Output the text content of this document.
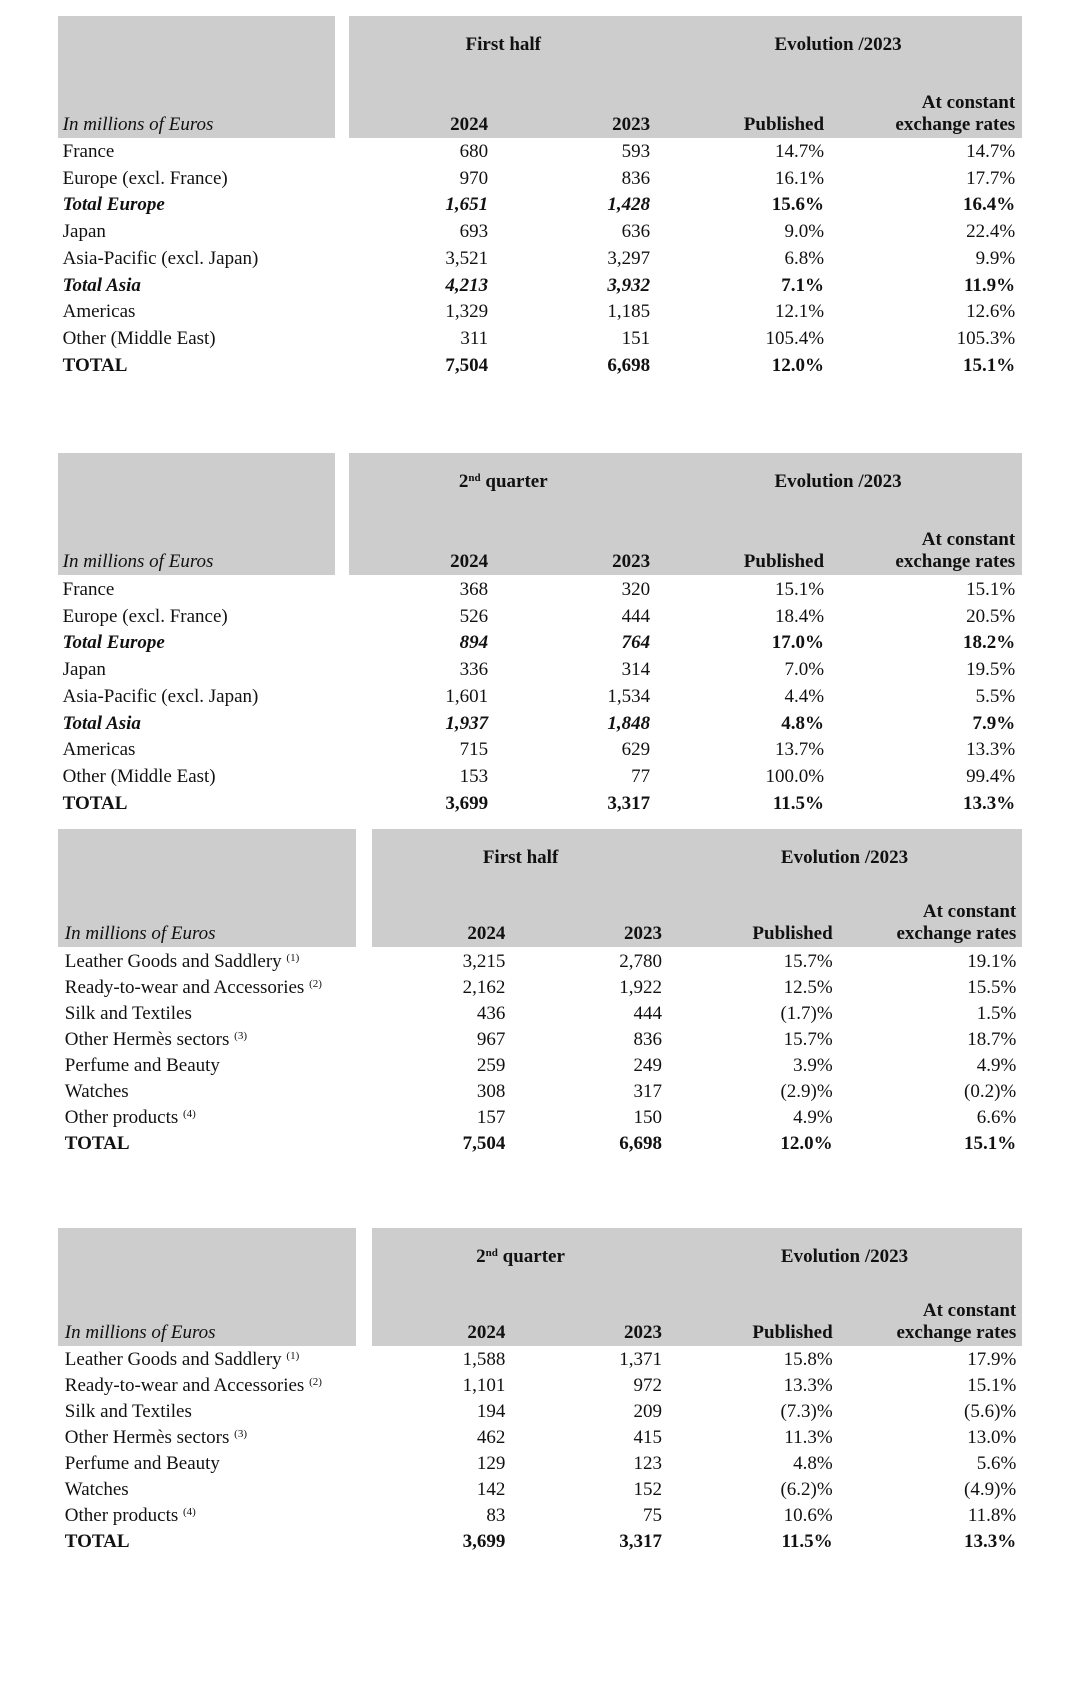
First half	Evolution /2023
In millions of Euros	2024	2023	Published
At constant
exchange rates
France	680	593	14.7%	14.7%
Europe (excl. France)	970	836	16.1%	17.7%
Total Europe	1,651	1,428	15.6%	16.4%
Japan	693	636	9.0%	22.4%
Asia-Pacific (excl. Japan)	3,521	3,297	6.8%	9.9%
Total Asia	4,213	3,932	7.1%	11.9%
Americas	1,329	1,185	12.1%	12.6%
Other (Middle East)	311	151	105.4%	105.3%
TOTAL	7,504	6,698	12.0%	15.1%
2nd quarter	Evolution /2023
In millions of Euros	2024	2023	Published
At constant
exchange rates
France	368	320	15.1%	15.1%
Europe (excl. France)	526	444	18.4%	20.5%
Total Europe	894	764	17.0%	18.2%
Japan	336	314	7.0%	19.5%
Asia-Pacific (excl. Japan)	1,601	1,534	4.4%	5.5%
Total Asia	1,937	1,848	4.8%	7.9%
Americas	715	629	13.7%	13.3%
Other (Middle East)	153	77	100.0%	99.4%
TOTAL	3,699	3,317	11.5%	13.3%
First half	Evolution /2023
In millions of Euros	2024	2023	Published
At constant
exchange rates
Leather Goods and Saddlery $^{(1)}$	3,215	2,780	15.7%	19.1%
Ready-to-wear and Accessories $^{(2)}$	2,162	1,922	12.5%	15.5%
Silk and Textiles	436	444	(1.7)%	1.5%
Other Hermès sectors $^{(3)}$	967	836	15.7%	18.7%
Perfume and Beauty	259	249	3.9%	4.9%
Watches	308	317	(2.9)%	(0.2)%
Other products $^{(4)}$	157	150	4.9%	6.6%
TOTAL	7,504	6,698	12.0%	15.1%
2nd quarter	Evolution /2023
In millions of Euros	2024	2023	Published
At constant
exchange rates
Leather Goods and Saddlery $^{(1)}$	1,588	1,371	15.8%	17.9%
Ready-to-wear and Accessories $^{(2)}$	1,101	972	13.3%	15.1%
Silk and Textiles	194	209	(7.3)%	(5.6)%
Other Hermès sectors $^{(3)}$	462	415	11.3%	13.0%
Perfume and Beauty	129	123	4.8%	5.6%
Watches	142	152	(6.2)%	(4.9)%
Other products $^{(4)}$	83	75	10.6%	11.8%
TOTAL	3,699	3,317	11.5%	13.3%
